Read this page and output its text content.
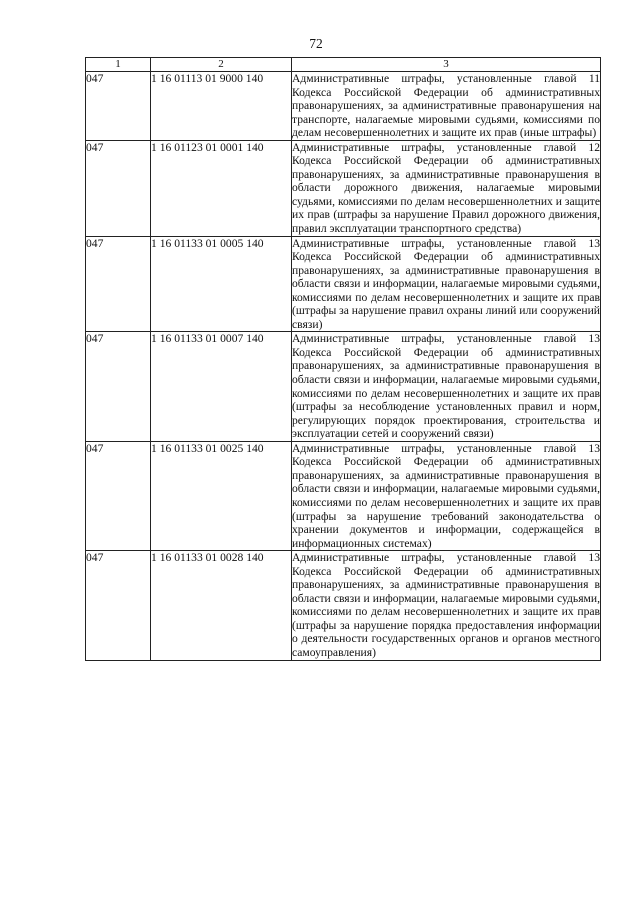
72
1	2	3
047	1 16 01113 01 9000 140	Административные штрафы, установленные главой 11 Кодекса Российской Федерации об административных правонарушениях, за административные правонарушения на транспорте, налагаемые мировыми судьями, комиссиями по делам несовершеннолетних и защите их прав (иные штрафы)
047	1 16 01123 01 0001 140	Административные штрафы, установленные главой 12 Кодекса Российской Федерации об административных правонарушениях, за административные правонарушения в области дорожного движения, налагаемые мировыми судьями, комиссиями по делам несовершеннолетних и защите их прав (штрафы за нарушение Правил дорожного движения, правил эксплуатации транспортного средства)
047	1 16 01133 01 0005 140	Административные штрафы, установленные главой 13 Кодекса Российской Федерации об административных правонарушениях, за административные правонарушения в области связи и информации, налагаемые мировыми судьями, комиссиями по делам несовершеннолетних и защите их прав (штрафы за нарушение правил охраны линий или сооружений связи)
047	1 16 01133 01 0007 140	Административные штрафы, установленные главой 13 Кодекса Российской Федерации об административных правонарушениях, за административные правонарушения в области связи и информации, налагаемые мировыми судьями, комиссиями по делам несовершеннолетних и защите их прав (штрафы за несоблюдение установленных правил и норм, регулирующих порядок проектирования, строительства и эксплуатации сетей и сооружений связи)
047	1 16 01133 01 0025 140	Административные штрафы, установленные главой 13 Кодекса Российской Федерации об административных правонарушениях, за административные правонарушения в области связи и информации, налагаемые мировыми судьями, комиссиями по делам несовершеннолетних и защите их прав (штрафы за нарушение требований законодательства о хранении документов и информации, содержащейся в информационных системах)
047	1 16 01133 01 0028 140	Административные штрафы, установленные главой 13 Кодекса Российской Федерации об административных правонарушениях, за административные правонарушения в области связи и информации, налагаемые мировыми судьями, комиссиями по делам несовершеннолетних и защите их прав (штрафы за нарушение порядка предоставления информации о деятельности государственных органов и органов местного самоуправления)
